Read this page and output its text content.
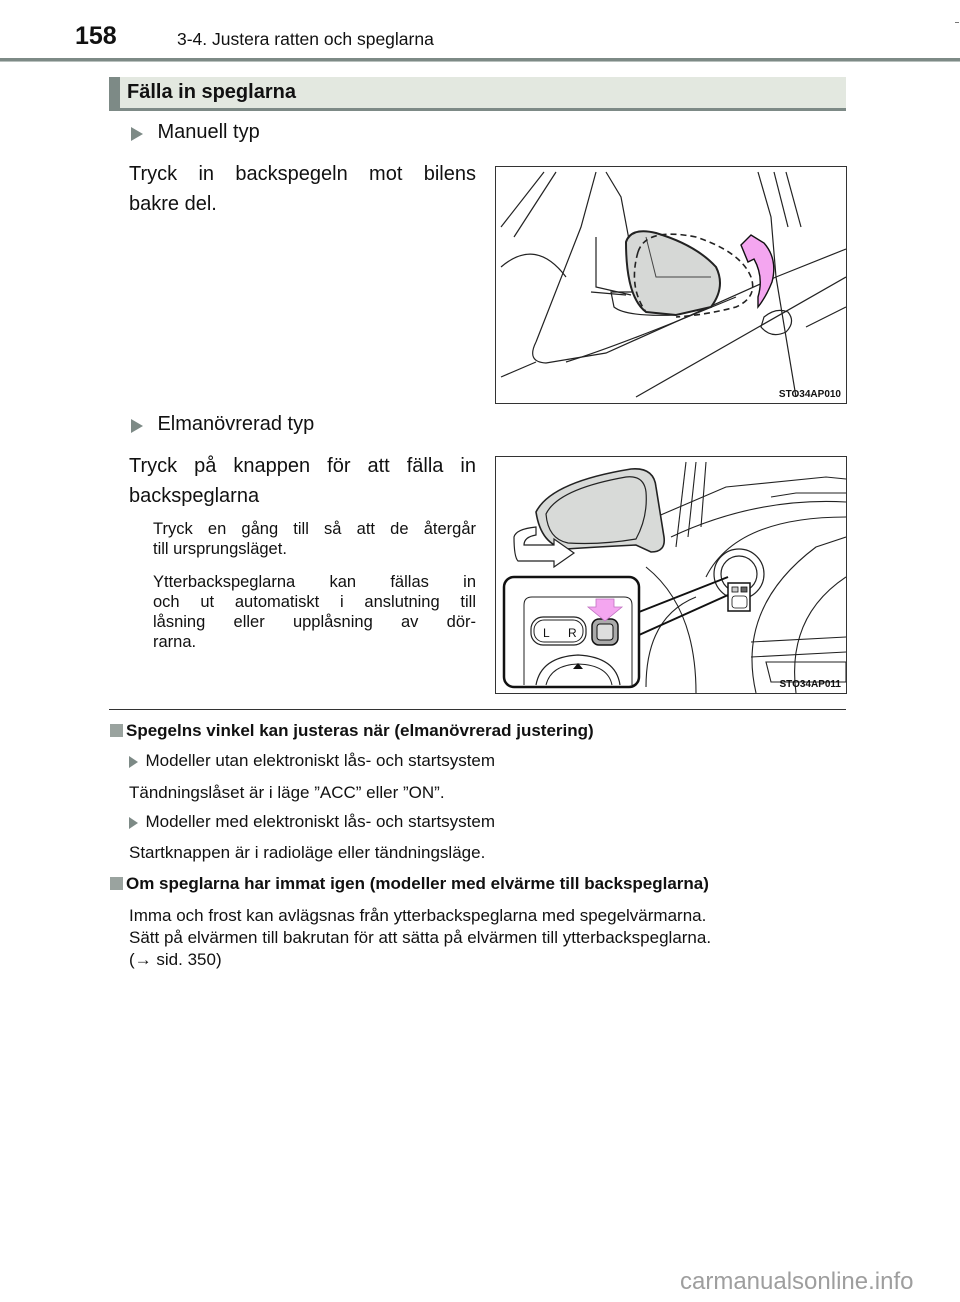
158	3-4. Justera ratten och speglarna
Fälla in speglarna
Manuell typ
Tryck in backspegeln mot bilens
bakre del.
STO34AP010
Elmanövrerad typ
Tryck på knappen för att fälla in
backspeglarna
Tryck en gång till så att de återgår
till ursprungsläget.
Ytterbackspeglarna kan fällas in
och ut automatiskt i anslutning till
låsning eller upplåsning av dör-
rarna.	L R
STO34AP011
Spegelns vinkel kan justeras när (elmanövrerad justering)
Modeller utan elektroniskt lås- och startsystem
Tändningslåset är i läge ”ACC” eller ”ON”.
Modeller med elektroniskt lås- och startsystem
Startknappen är i radioläge eller tändningsläge.
Om speglarna har immat igen (modeller med elvärme till backspeglarna)
Imma och frost kan avlägsnas från ytterbackspeglarna med spegelvärmarna.
Sätt på elvärmen till bakrutan för att sätta på elvärmen till ytterbackspeglarna.
(→ sid. 350)
carmanualsonline.info
